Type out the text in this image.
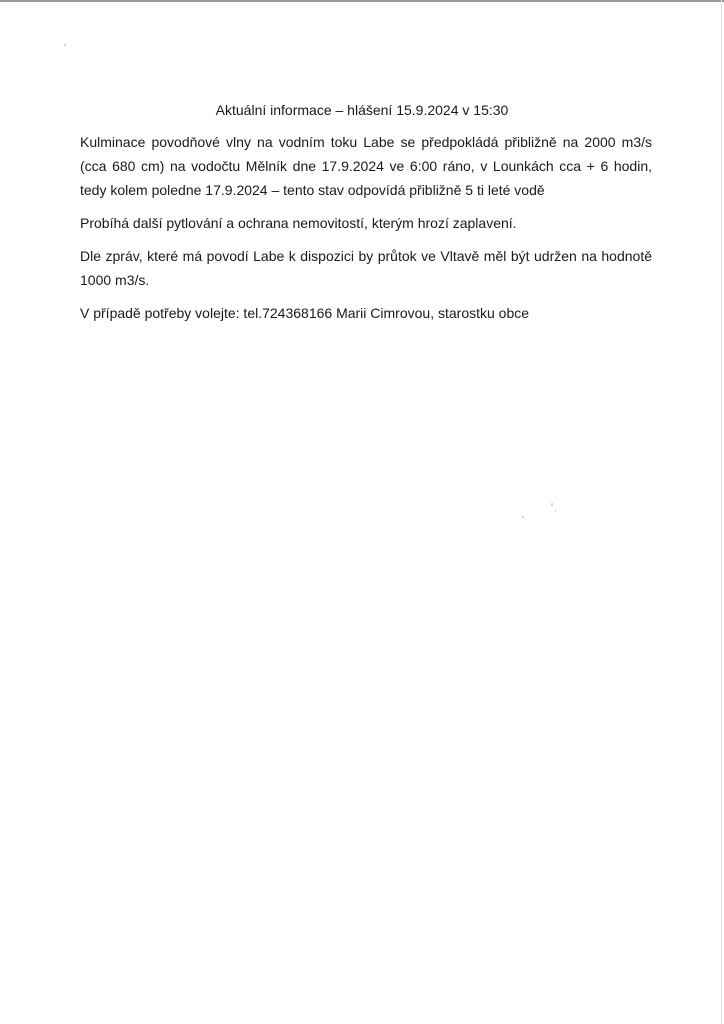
Aktuální informace – hlášení 15.9.2024 v 15:30

Kulminace povodňové vlny na vodním toku Labe se předpokládá přibližně na 2000 m3/s (cca 680 cm) na vodočtu Mělník dne 17.9.2024 ve 6:00 ráno, v Lounkách cca + 6 hodin, tedy kolem poledne 17.9.2024 – tento stav odpovídá přibližně 5 ti leté vodě

Probíhá další pytlování a ochrana nemovitostí, kterým hrozí zaplavení.

Dle zpráv, které má povodí Labe k dispozici by průtok ve Vltavě měl být udržen na hodnotě 1000 m3/s.

V případě potřeby volejte: tel.724368166 Marii Cimrovou, starostku obce
